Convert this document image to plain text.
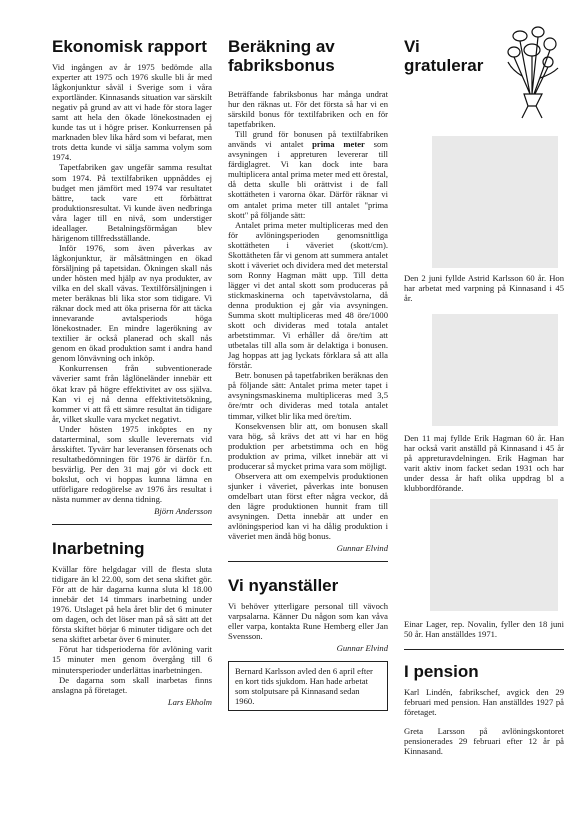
Ekonomisk rapport

Vid ingången av år 1975 bedömde alla experter att 1975 och 1976 skulle bli år med lågkonjunktur såväl i Sverige som i våra exportländer. Kinnasands situation var särskilt negativ på grund av att vi hade för stora lager samt att hela den ökade lönekostnaden ej kunde tas ut i högre priser. Konkurrensen på marknaden blev lika hård som vi befarat, men trots detta kunde vi sälja samma volym som 1974.

Tapetfabriken gav ungefär samma resultat som 1974. På textilfabriken uppnåddes ej budget men jämfört med 1974 var resultatet bättre, tack vare ett förbättrat produktionsresultat. Vi kunde även nedbringa våra lager till en nivå, som understiger ideallager. Betalningsförmågan blev härigenom tillfredsställande.

Inför 1976, som även påverkas av lågkonjunktur, är målsättningen en ökad försäljning på tapetsidan. Ökningen skall nås under hösten med hjälp av nya produkter, av vilka en del skall vävas. Textilförsäljningen i meter beräknas bli lika stor som tidigare. Vi räknar dock med att öka priserna för att täcka innevarande avtalsperiods höga lönekostnader. En mindre lagerökning av textilier är också planerad och skall nås genom en ökad produktion samt i andra hand genom lönvävning och inköp.

Konkurrensen från subventionerade väverier samt från låglöneländer innebär ett ökat krav på högre effektivitet av oss själva. Kan vi ej nå denna effektivitetsökning, kommer vi att få ett sämre resultat än tidigare år, vilket skulle vara mycket negativt.

Under hösten 1975 inköptes en ny datarterminal, som skulle leverernats vid årsskiftet. Tyvärr har leveransen försenats och resultatbedömningen för 1976 är därför f.n. besvärlig. Per den 31 maj gör vi dock ett bokslut, och vi hoppas kunna lämna en utförligare redogörelse av 1976 års resultat i nästa nummer av denna tidning.

Björn Andersson
Inarbetning

Kvällar före helgdagar vill de flesta sluta tidigare än kl 22.00, som det sena skiftet gör. För att de här dagarna kunna sluta kl 18.00 innebär det 14 timmars inarbetning under 1976. Utslaget på hela året blir det 6 minuter om dagen, och det löser man på så sätt att det första skiftet börjar 6 minuter tidigare och det sena skiftet arbetar över 6 minuter.

Förut har tidsperioderna för avlöning varit 15 minuter men genom övergång till 6 minutersperioder underlättas inarbetningen.

De dagarna som skall inarbetas finns anslagna på företaget.

Lars Ekholm
Beräkning av fabriksbonus

Beträffande fabriksbonus har många undrat hur den räknas ut. För det första så har vi en särskild bonus för textilfabriken och en för tapetfabriken.

Till grund för bonusen på textilfabriken används vi antalet prima meter som avsyningen i appreturen levererar till färdiglagret. Vi kan dock inte bara multiplicera antal prima meter med ett örestal, då detta skulle bli orättvist i de fall skottätheten i varorna ökar. Därför räknar vi om antalet prima meter till antalet "prima skott" på följande sätt:

Antalet prima meter multipliceras med den för avlöningsperioden genomsnittliga skottätheten i väveriet (skott/cm). Skottätheten får vi genom att summera antalet skott i väveriet och dividera med det meterstal som Ronny Hagman mätt upp. Till detta lägger vi det antal skott som produceras på stickmaskinerna och tapetvävstolarna, då denna produktion ej går via avsyningen. Summa skott multipliceras med 48 öre/1000 skott och divideras med totala antalet arbetstimmar. Vi erhåller då öre/tim att utbetalas till alla som är delaktiga i bonusen. Jag hoppas att jag lyckats förklara så att alla förstår.

Betr. bonusen på tapetfabriken beräknas den på följande sätt: Antalet prima meter tapet i avsyningsmaskinema multipliceras med 3,5 öre/mtr och divideras med totala antalet timmar, vilket blir lika med öre/tim.

Konsekvensen blir att, om bonusen skall vara hög, så krävs det att vi har en hög produktion per arbetstimma och en hög produktion av prima, vilket innebär att vi producerar så mycket prima vara som möjligt.

Observera att om exempelvis produktionen sjunker i väveriet, påverkas inte bonusen omdelbart utan först efter några veckor, då den lägre produktionen hunnit fram till avsyningen. Detta innebär att under en avlöningsperiod kan vi ha dålig produktion i väveriet men ändå hög bonus.

Gunnar Elvind
Vi nyanställer

Vi behöver ytterligare personal till vävoch varpsalarna. Känner Du någon som kan våva eller varpa, kontakta Rune Hemberg eller Jan Svensson.

Gunnar Elvind
Bernard Karlsson avled den 6 april efter en kort tids sjukdom. Han hade arbetat som stolputsare på Kinnasand sedan 1960.
Vi
gratulerar

Den 2 juni fyllde Astrid Karlsson 60 år. Hon har arbetat med varpning på Kinnasand i 45 år.

Den 11 maj fyllde Erik Hagman 60 år. Han har också varit anställd på Kinnasand i 45 år på appreturavdelningen. Erik Hagman har varit aktiv inom facket sedan 1931 och har under dessa år haft olika uppdrag bl a klubbordförande.

Einar Lager, rep. Novalin, fyller den 18 juni 50 år. Han anställdes 1971.

I pension

Karl Lindén, fabrikschef, avgick den 29 februari med pension. Han anställdes 1927 på företaget.

Greta Larsson på avlöningskontoret pensionerades 29 februari efter 12 år på Kinnasand.
